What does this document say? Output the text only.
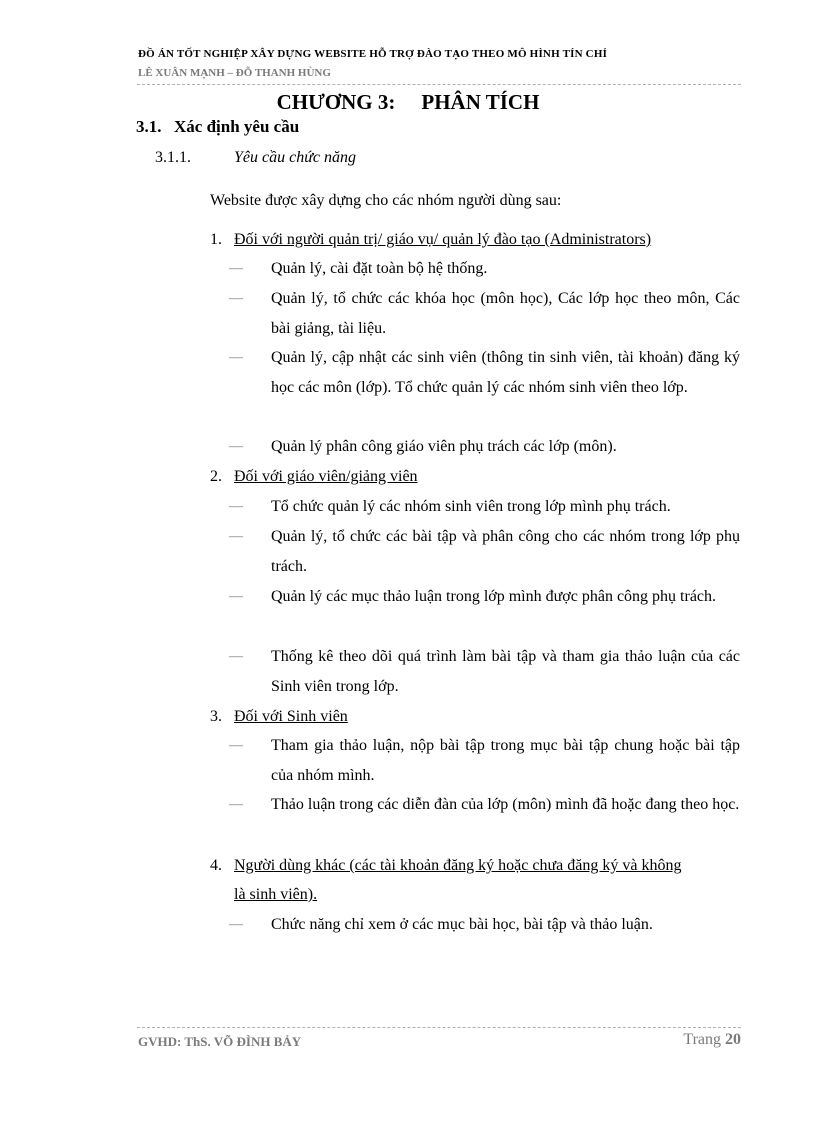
ĐỒ ÁN TỐT NGHIỆP XÂY DỰNG WEBSITE HỖ TRỢ ĐÀO TẠO THEO MÔ HÌNH TÍN CHỈ
LÊ XUÂN MẠNH – ĐỖ THANH HÙNG
CHƯƠNG 3: PHÂN TÍCH
3.1. Xác định yêu cầu
3.1.1.	Yêu cầu chức năng
Website được xây dựng cho các nhóm người dùng sau:
1. Đối với người quản trị/ giáo vụ/ quản lý đào tạo (Administrators)
— Quản lý, cài đặt toàn bộ hệ thống.
— Quản lý, tổ chức các khóa học (môn học), Các lớp học theo môn, Các bài giảng, tài liệu.
— Quản lý, cập nhật các sinh viên (thông tin sinh viên, tài khoản) đăng ký học các môn (lớp). Tổ chức quản lý các nhóm sinh viên theo lớp.
— Quản lý phân công giáo viên phụ trách các lớp (môn).
2. Đối với giáo viên/giảng viên
— Tổ chức quản lý các nhóm sinh viên trong lớp mình phụ trách.
— Quản lý, tổ chức các bài tập và phân công cho các nhóm trong lớp phụ trách.
— Quản lý các mục thảo luận trong lớp mình được phân công phụ trách.
— Thống kê theo dõi quá trình làm bài tập và tham gia thảo luận của các Sinh viên trong lớp.
3. Đối với Sinh viên
— Tham gia thảo luận, nộp bài tập trong mục bài tập chung hoặc bài tập của nhóm mình.
— Thảo luận trong các diễn đàn của lớp (môn) mình đã hoặc đang theo học.
4. Người dùng khác (các tài khoản đăng ký hoặc chưa đăng ký và không
là sinh viên).
— Chức năng chỉ xem ở các mục bài học, bài tập và thảo luận.
GVHD: ThS. VÕ ĐÌNH BẢY	Trang 20
